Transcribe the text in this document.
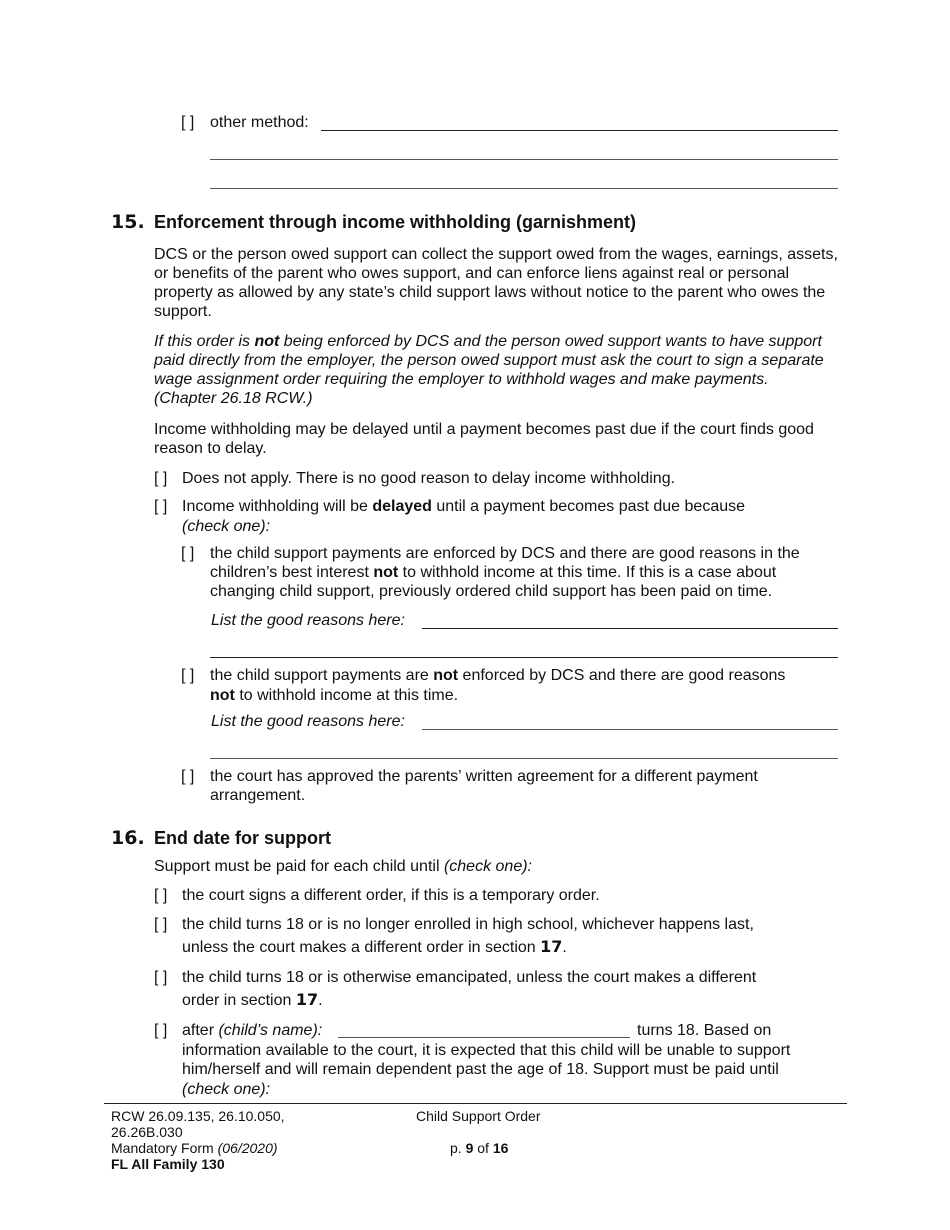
[ ] other method:
15. Enforcement through income withholding (garnishment)

DCS or the person owed support can collect the support owed from the wages, earnings, assets, or benefits of the parent who owes support, and can enforce liens against real or personal property as allowed by any state’s child support laws without notice to the parent who owes the support.

If this order is not being enforced by DCS and the person owed support wants to have support paid directly from the employer, the person owed support must ask the court to sign a separate wage assignment order requiring the employer to withhold wages and make payments. (Chapter 26.18 RCW.)

Income withholding may be delayed until a payment becomes past due if the court finds good reason to delay.

[ ] Does not apply. There is no good reason to delay income withholding.
[ ] Income withholding will be delayed until a payment becomes past due because
(check one):
[ ] the child support payments are enforced by DCS and there are good reasons in the children’s best interest not to withhold income at this time. If this is a case about changing child support, previously ordered child support has been paid on time.

List the good reasons here:
[ ] the child support payments are not enforced by DCS and there are good reasons
not to withhold income at this time.
List the good reasons here:
[ ] the court has approved the parents’ written agreement for a different payment arrangement.

16. End date for support
Support must be paid for each child until (check one):
[ ] the court signs a different order, if this is a temporary order.
[ ] the child turns 18 or is no longer enrolled in high school, whichever happens last,
unless the court makes a different order in section 17.
[ ] the child turns 18 or is otherwise emancipated, unless the court makes a different
order in section 17.
[ ] after (child’s name):	turns 18. Based on
information available to the court, it is expected that this child will be unable to support
him/herself and will remain dependent past the age of 18. Support must be paid until
(check one):
RCW 26.09.135, 26.10.050,
26.26B.030
Mandatory Form (06/2020)
FL All Family 130
Child Support Order
p. 9 of 16
